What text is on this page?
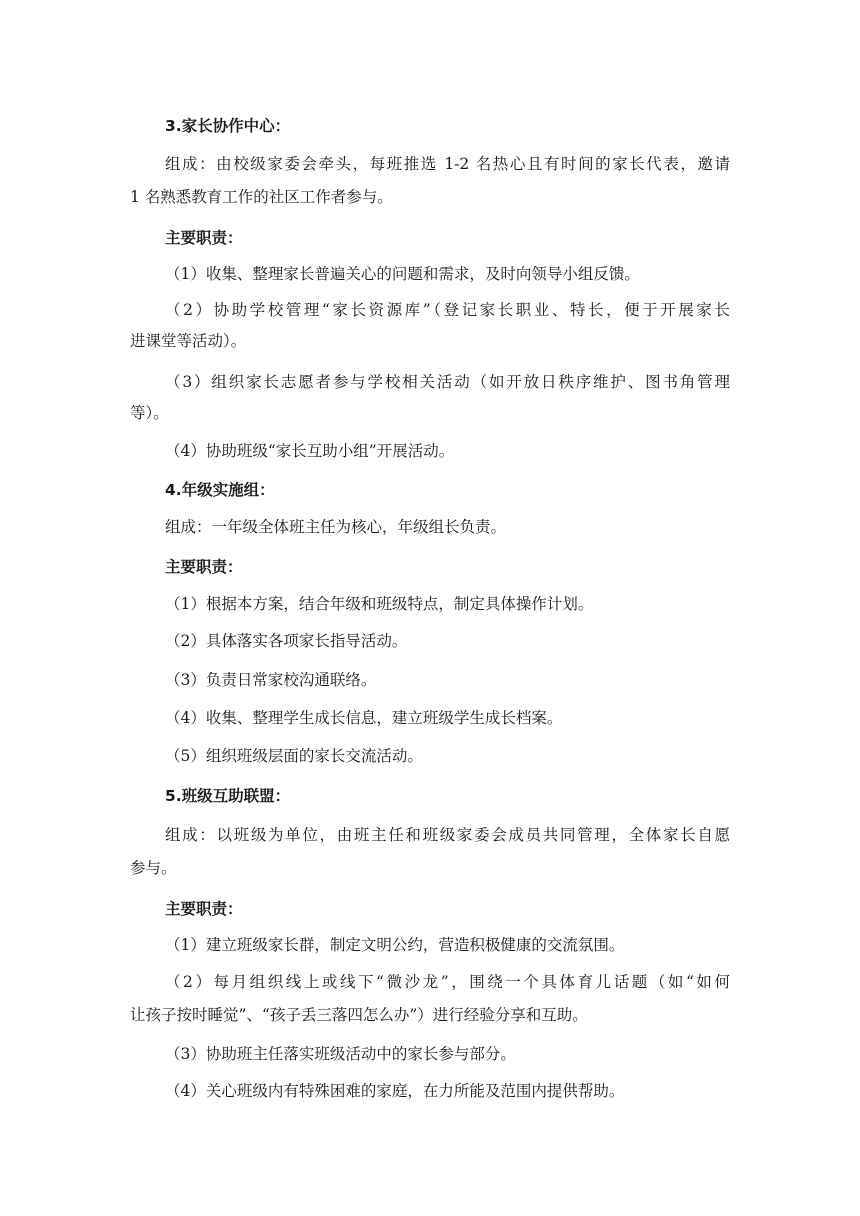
3.家长协作中心：
组成：由校级家委会牵头，每班推选 1-2 名热心且有时间的家长代表，邀请
1 名熟悉教育工作的社区工作者参与。
主要职责：
（1）收集、整理家长普遍关心的问题和需求，及时向领导小组反馈。
（2）协助学校管理“家长资源库”（登记家长职业、特长，便于开展家长
进课堂等活动）。
（3）组织家长志愿者参与学校相关活动（如开放日秩序维护、图书角管理
等）。
（4）协助班级“家长互助小组”开展活动。
4.年级实施组：
组成：一年级全体班主任为核心，年级组长负责。
主要职责：
（1）根据本方案，结合年级和班级特点，制定具体操作计划。
（2）具体落实各项家长指导活动。
（3）负责日常家校沟通联络。
（4）收集、整理学生成长信息，建立班级学生成长档案。
（5）组织班级层面的家长交流活动。
5.班级互助联盟：
组成：以班级为单位，由班主任和班级家委会成员共同管理，全体家长自愿
参与。
主要职责：
（1）建立班级家长群，制定文明公约，营造积极健康的交流氛围。
（2）每月组织线上或线下“微沙龙”，围绕一个具体育儿话题（如“如何
让孩子按时睡觉”、“孩子丢三落四怎么办”）进行经验分享和互助。
（3）协助班主任落实班级活动中的家长参与部分。
（4）关心班级内有特殊困难的家庭，在力所能及范围内提供帮助。
